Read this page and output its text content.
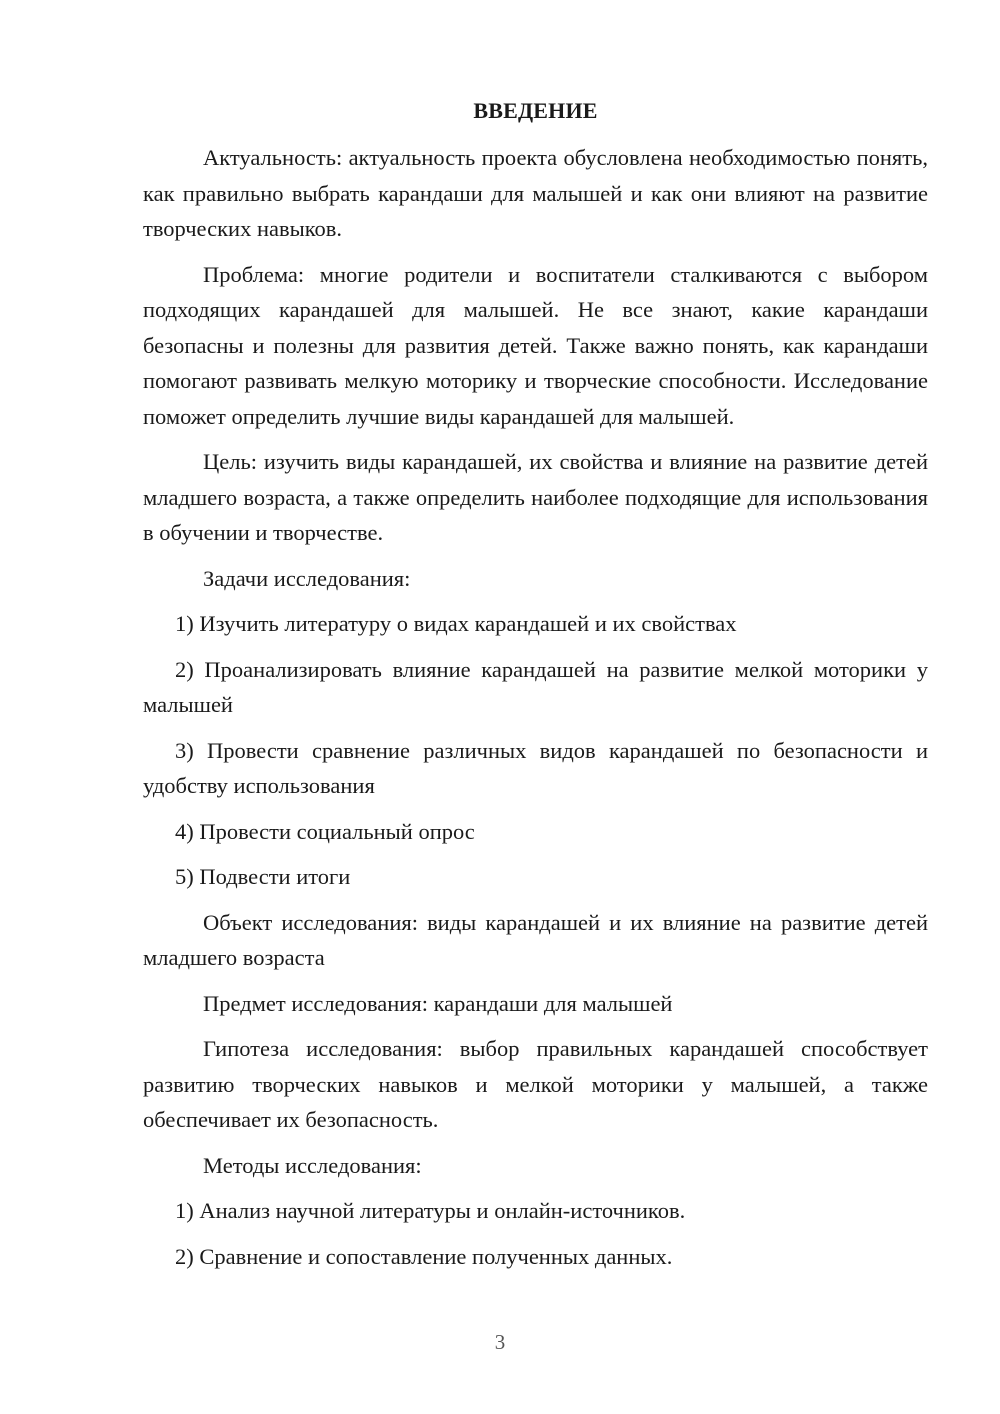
ВВЕДЕНИЕ

Актуальность: актуальность проекта обусловлена необходимостью понять, как правильно выбрать карандаши для малышей и как они влияют на развитие творческих навыков.

Проблема: многие родители и воспитатели сталкиваются с выбором подходящих карандашей для малышей. Не все знают, какие карандаши безопасны и полезны для развития детей. Также важно понять, как карандаши помогают развивать мелкую моторику и творческие способности. Исследование поможет определить лучшие виды карандашей для малышей.

Цель: изучить виды карандашей, их свойства и влияние на развитие детей младшего возраста, а также определить наиболее подходящие для использования в обучении и творчестве.

Задачи исследования:

1) Изучить литературу о видах карандашей и их свойствах

2) Проанализировать влияние карандашей на развитие мелкой моторики у малышей

3) Провести сравнение различных видов карандашей по безопасности и удобству использования

4) Провести социальный опрос

5) Подвести итоги

Объект исследования: виды карандашей и их влияние на развитие детей младшего возраста

Предмет исследования: карандаши для малышей

Гипотеза исследования: выбор правильных карандашей способствует развитию творческих навыков и мелкой моторики у малышей, а также обеспечивает их безопасность.

Методы исследования:

1) Анализ научной литературы и онлайн-источников.

2) Сравнение и сопоставление полученных данных.

3
